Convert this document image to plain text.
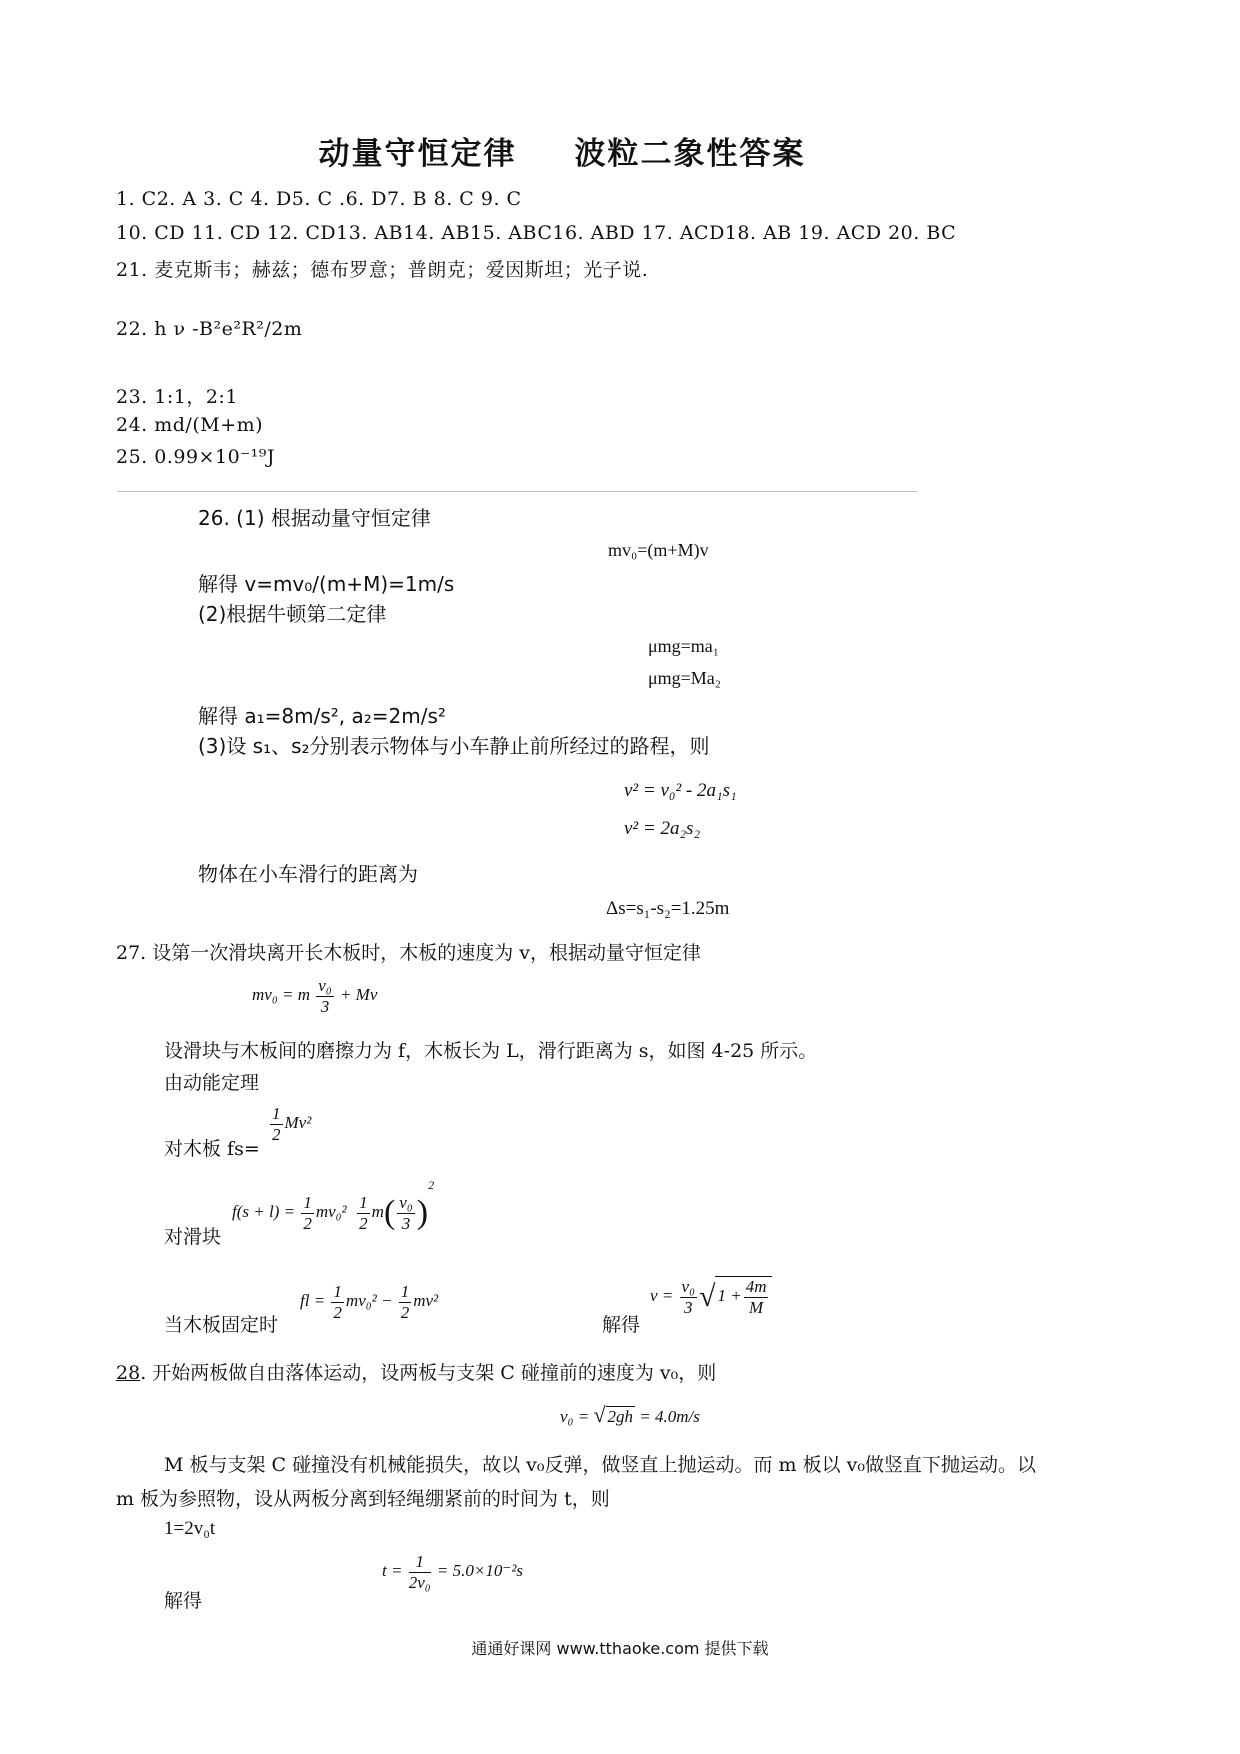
动量守恒定律 波粒二象性答案
1. C2. A 3. C 4. D5. C .6. D7. B 8. C 9. C
10. CD 11. CD 12. CD13. AB14. AB15. ABC16. ABD 17. ACD18. AB 19. ACD 20. BC
21. 麦克斯韦；赫兹；德布罗意；普朗克；爱因斯坦；光子说.
22. h ν -B²e²R²/2m
23. 1:1，2:1
24. md/(M+m)
25. 0.99×10⁻¹⁹J
26. (1) 根据动量守恒定律
mv₀=(m+M)v
解得 v=mv₀/(m+M)=1m/s
(2)根据牛顿第二定律
μmg=ma₁
μmg=Ma₂
解得 a₁=8m/s², a₂=2m/s²
(3)设 s₁、s₂分别表示物体与小车静止前所经过的路程，则
v² = v₀² - 2a₁s₁
v² = 2a₂s₂
物体在小车滑行的距离为
Δs=s₁-s₂=1.25m
27. 设第一次滑块离开长木板时，木板的速度为 v，根据动量守恒定律
mv₀ = m $\frac{\text{v₀}}{3} + Mv$
设滑块与木板间的磨擦力为 f，木板长为 L，滑行距离为 s，如图 4-25 所示。
由动能定理
对木板 fs=
$\frac{1}{2} Mv^2$
$f(s + l) = \frac{1}{2} mv_0^2 \frac{1}{2} m( \frac{\text{v₀}}{3} )^2$
对滑块
fl = $\frac{1}{2} mv_0^2 - \frac{1}{2} mv^2$
当木板固定时	解得
$v = \frac{\text{v₀}}{3}$ √ $1 + \frac{4m}{M}$
28. 开始两板做自由落体运动，设两板与支架 C 碰撞前的速度为 v₀，则
v₀ = √ 2gh = 4.0m/s
M 板与支架 C 碰撞没有机械能损失，故以 v₀反弹，做竖直上抛运动。而 m 板以 v₀做竖直下抛运动。以
m 板为参照物，设从两板分离到轻绳绷紧前的时间为 t，则
1=2v₀t
$t = \frac{1}{\text{2v₀}} = 5.0\times 10^{-2}s$
解得
通通好课网 www.tthaoke.com 提供下载
